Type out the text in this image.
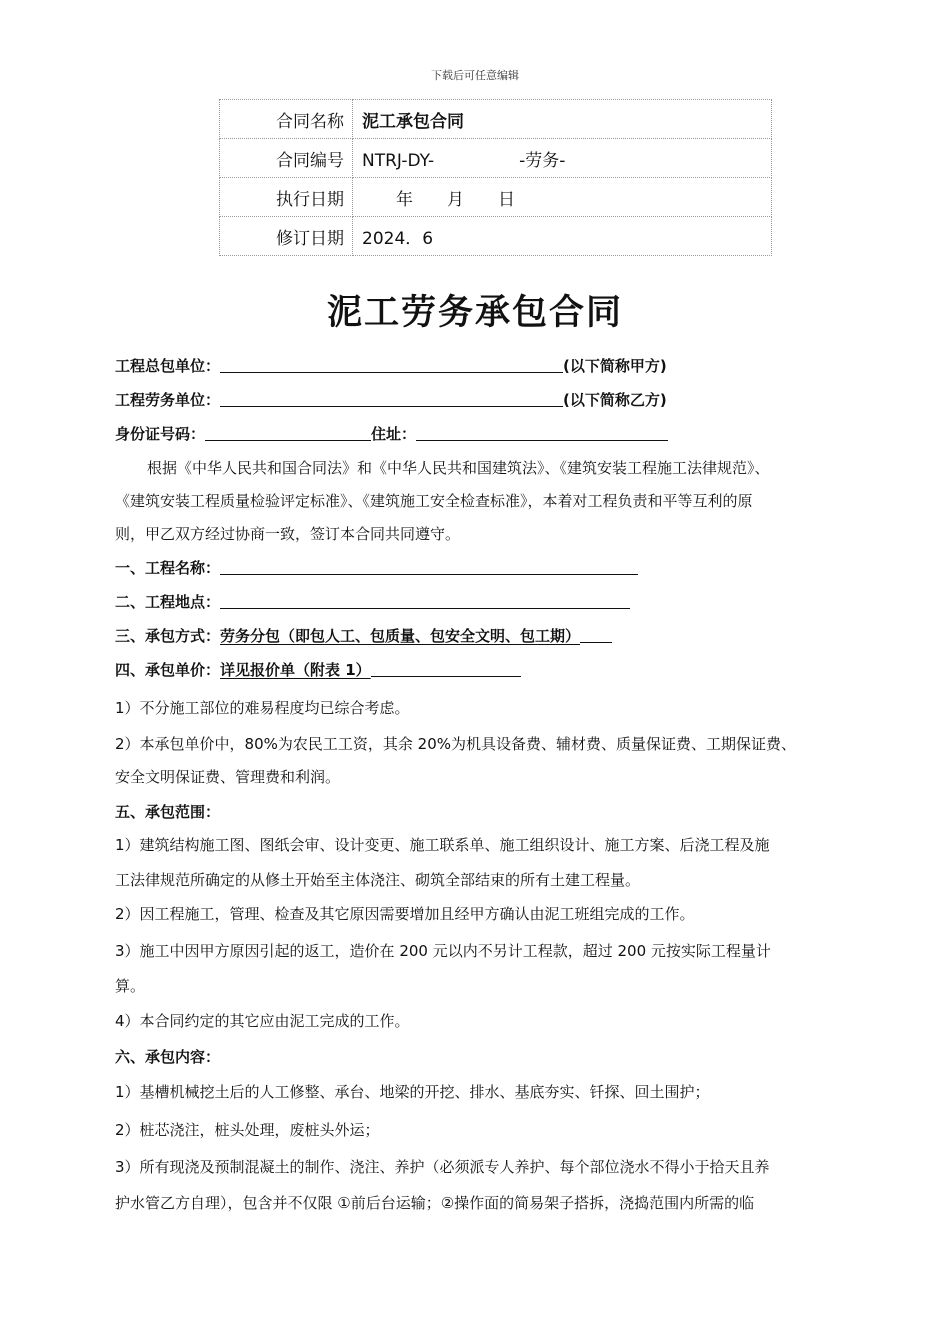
下载后可任意编辑
合同名称	泥工承包合同
合同编号	NTRJ-DY-　　　　　-劳务-
执行日期	　　年　　月　　日
修订日期	2024．6
泥工劳务承包合同
工程总包单位：	(以下简称甲方)
工程劳务单位：	(以下简称乙方)
身份证号码：	住址：
根据《中华人民共和国合同法》和《中华人民共和国建筑法》、《建筑安装工程施工法律规范》、
《建筑安装工程质量检验评定标准》、《建筑施工安全检查标准》，本着对工程负责和平等互利的原
则，甲乙双方经过协商一致，签订本合同共同遵守。
一、工程名称：
二、工程地点：
三、承包方式：劳务分包（即包人工、包质量、包安全文明、包工期）
四、承包单价：详见报价单（附表 1）
1）不分施工部位的难易程度均已综合考虑。
2）本承包单价中，80%为农民工工资，其余 20%为机具设备费、辅材费、质量保证费、工期保证费、
安全文明保证费、管理费和利润。
五、承包范围：
1）建筑结构施工图、图纸会审、设计变更、施工联系单、施工组织设计、施工方案、后浇工程及施
工法律规范所确定的从修土开始至主体浇注、砌筑全部结束的所有土建工程量。
2）因工程施工，管理、检查及其它原因需要增加且经甲方确认由泥工班组完成的工作。
3）施工中因甲方原因引起的返工，造价在 200 元以内不另计工程款，超过 200 元按实际工程量计
算。
4）本合同约定的其它应由泥工完成的工作。
六、承包内容：
1）基槽机械挖土后的人工修整、承台、地梁的开挖、排水、基底夯实、钎探、回土围护；
2）桩芯浇注，桩头处理，废桩头外运；
3）所有现浇及预制混凝土的制作、浇注、养护（必须派专人养护、每个部位浇水不得小于拾天且养
护水管乙方自理），包含并不仅限 ①前后台运输；②操作面的简易架子搭拆，浇捣范围内所需的临
